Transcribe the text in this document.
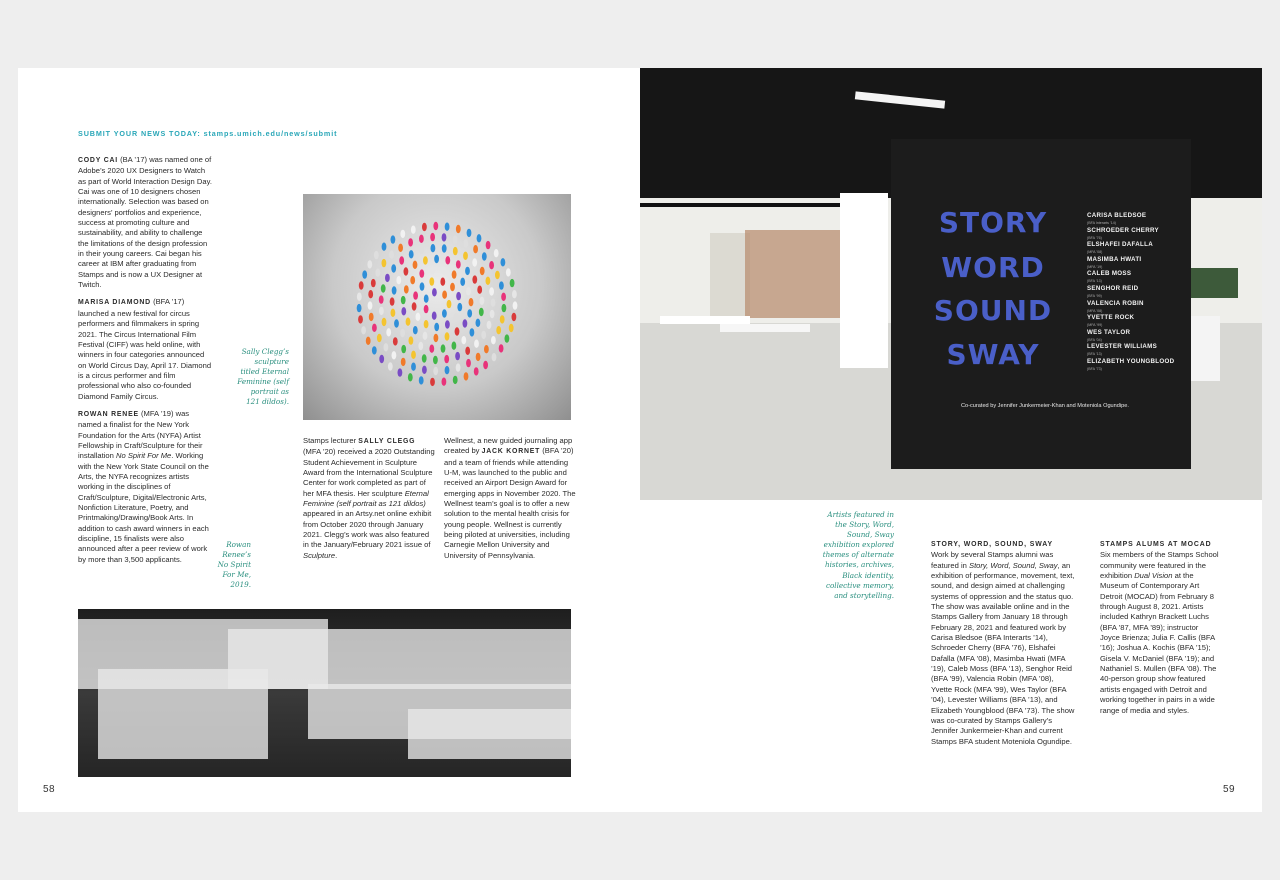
SUBMIT YOUR NEWS TODAY: stamps.umich.edu/news/submit

CODY CAI (BA ’17) was named one of Adobe’s 2020 UX Designers to Watch as part of World Interaction Design Day. Cai was one of 10 designers chosen internationally. Selection was based on designers’ portfolios and experience, success at promoting culture and sustainability, and ability to challenge the limitations of the design profession in their young careers. Cai began his career at IBM after graduating from Stamps and is now a UX Designer at Twitch.

MARISA DIAMOND (BFA ’17) launched a new festival for circus performers and filmmakers in spring 2021. The Circus International Film Festival (CIFF) was held online, with winners in four categories announced on World Circus Day, April 17. Diamond is a circus performer and film professional who also co-founded Diamond Family Circus.

ROWAN RENEE (MFA ’19) was named a finalist for the New York Foundation for the Arts (NYFA) Artist Fellowship in Craft/Sculpture for their installation No Spirit For Me. Working with the New York State Council on the Arts, the NYFA recognizes artists working in the disciplines of Craft/Sculpture, Digital/Electronic Arts, Nonfiction Literature, Poetry, and Printmaking/Drawing/Book Arts. In addition to cash award winners in each discipline, 15 finalists were also announced after a peer review of work by more than 3,500 applicants.

Sally Clegg’s sculpture titled Eternal Feminine (self portrait as 121 dildos).

Stamps lecturer SALLY CLEGG (MFA ’20) received a 2020 Outstanding Student Achievement in Sculpture Award from the International Sculpture Center for work completed as part of her MFA thesis. Her sculpture Eternal Feminine (self portrait as 121 dildos) appeared in an Artsy.net online exhibit from October 2020 through January 2021. Clegg’s work was also featured in the January/February 2021 issue of Sculpture.

Wellnest, a new guided journaling app created by JACK KORNET (BFA ’20) and a team of friends while attending U-M, was launched to the public and received an Airport Design Award for emerging apps in November 2020. The Wellnest team’s goal is to offer a new solution to the mental health crisis for young people. Wellnest is currently being piloted at universities, including Carnegie Mellon University and University of Pennsylvania.

Rowan Renee’s No Spirit For Me, 2019.
58
STORY
WORD
SOUND
SWAY
CARISA BLEDSOE
(BFA Interarts ’14)
SCHROEDER CHERRY
(BFA ’76)
ELSHAFEI DAFALLA
(MFA ’08)
MASIMBA HWATI
(MFA ’19)
CALEB MOSS
(BFA ’13)
SENGHOR REID
(BFA ’99)
VALENCIA ROBIN
(MFA ’08)
YVETTE ROCK
(MFA ’99)
WES TAYLOR
(BFA ’04)
LEVESTER WILLIAMS
(BFA ’13)
ELIZABETH YOUNGBLOOD
(BFA ’73)
Co-curated by Jennifer Junkermeier-Khan and Moteniola Ogundipe.
Artists featured in the Story, Word, Sound, Sway exhibition explored themes of alternate histories, archives, Black identity, collective memory, and storytelling.

STORY, WORD, SOUND, SWAY
Work by several Stamps alumni was featured in Story, Word, Sound, Sway, an exhibition of performance, movement, text, sound, and design aimed at challenging systems of oppression and the status quo. The show was available online and in the Stamps Gallery from January 18 through February 28, 2021 and featured work by Carisa Bledsoe (BFA Interarts ’14), Schroeder Cherry (BFA ’76), Elshafei Dafalla (MFA ’08), Masimba Hwati (MFA ’19), Caleb Moss (BFA ’13), Senghor Reid (BFA ’99), Valencia Robin (MFA ’08), Yvette Rock (MFA ’99), Wes Taylor (BFA ’04), Levester Williams (BFA ’13), and Elizabeth Youngblood (BFA ’73). The show was co-curated by Stamps Gallery’s Jennifer Junkermeier-Khan and current Stamps BFA student Moteniola Ogundipe.

STAMPS ALUMS AT MOCAD
Six members of the Stamps School community were featured in the exhibition Dual Vision at the Museum of Contemporary Art Detroit (MOCAD) from February 8 through August 8, 2021. Artists included Kathryn Brackett Luchs (BFA ’87, MFA ’89); instructor Joyce Brienza; Julia F. Callis (BFA ’16); Joshua A. Kochis (BFA ’15); Gisela V. McDaniel (BFA ’19); and Nathaniel S. Mullen (BFA ’08). The 40-person group show featured artists engaged with Detroit and working together in pairs in a wide range of media and styles.

59
